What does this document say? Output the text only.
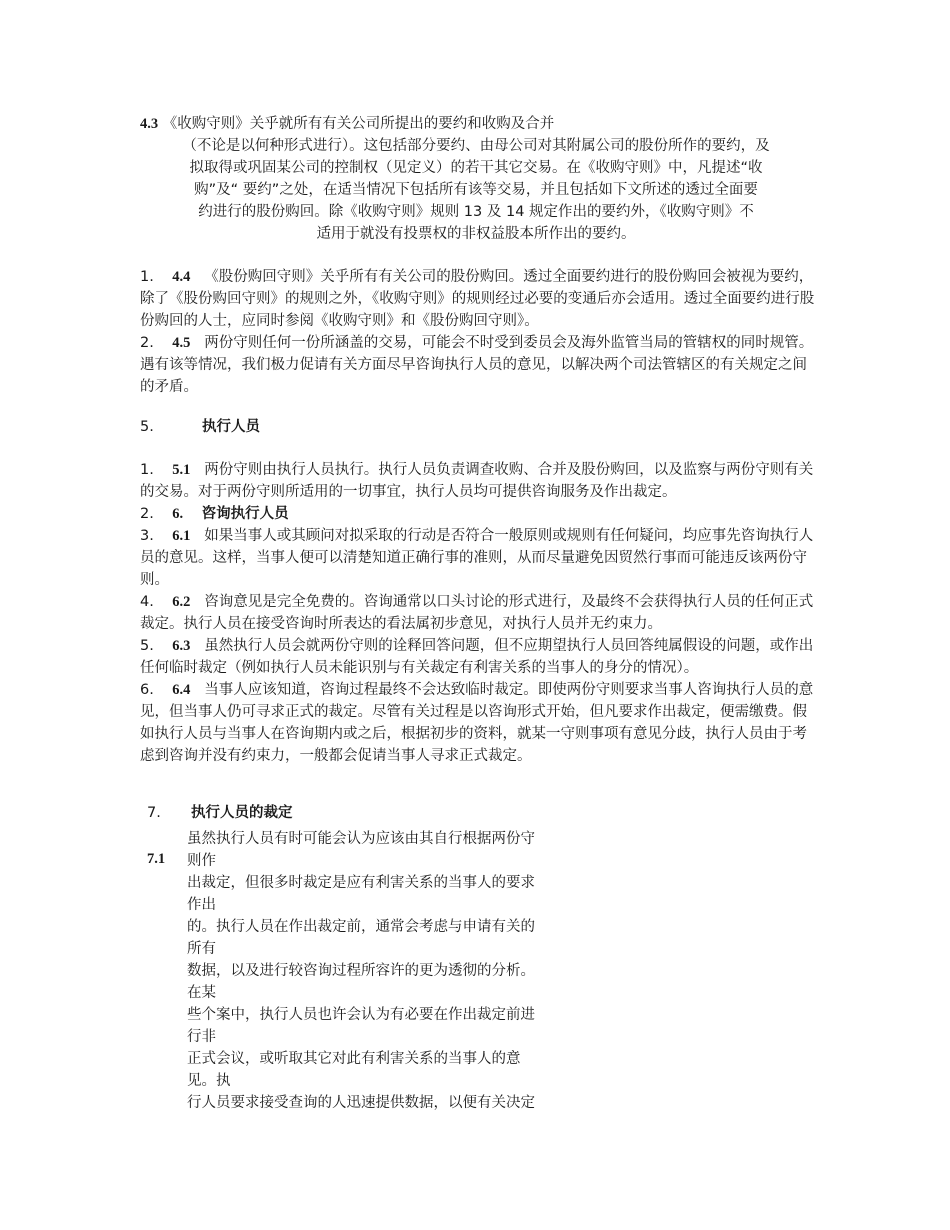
4.3 《收购守则》关乎就所有有关公司所提出的要约和收购及合并
（不论是以何种形式进行）。这包括部分要约、由母公司对其附属公司的股份所作的要约，及
拟取得或巩固某公司的控制权（见定义）的若干其它交易。在《收购守则》中，凡提述“收
购”及“ 要约”之处，在适当情况下包括所有该等交易，并且包括如下文所述的透过全面要
约进行的股份购回。除《收购守则》规则 13 及 14 规定作出的要约外，《收购守则》不
适用于就没有投票权的非权益股本所作出的要约。

1. 4.4 《股份购回守则》关乎所有有关公司的股份购回。透过全面要约进行的股份购回会被视为要约，除了《股份购回守则》的规则之外，《收购守则》的规则经过必要的变通后亦会适用。透过全面要约进行股份购回的人士，应同时参阅《收购守则》和《股份购回守则》。

2. 4.5 两份守则任何一份所涵盖的交易，可能会不时受到委员会及海外监管当局的管辖权的同时规管。遇有该等情况，我们极力促请有关方面尽早咨询执行人员的意见，以解决两个司法管辖区的有关规定之间的矛盾。

5.	执行人员

1. 5.1 两份守则由执行人员执行。执行人员负责调查收购、合并及股份购回，以及监察与两份守则有关的交易。对于两份守则所适用的一切事宜，执行人员均可提供咨询服务及作出裁定。

2. 6. 咨询执行人员

3. 6.1 如果当事人或其顾问对拟采取的行动是否符合一般原则或规则有任何疑问，均应事先咨询执行人员的意见。这样，当事人便可以清楚知道正确行事的准则，从而尽量避免因贸然行事而可能违反该两份守则。

4. 6.2 咨询意见是完全免费的。咨询通常以口头讨论的形式进行，及最终不会获得执行人员的任何正式裁定。执行人员在接受咨询时所表达的看法属初步意见，对执行人员并无约束力。

5. 6.3 虽然执行人员会就两份守则的诠释回答问题，但不应期望执行人员回答纯属假设的问题，或作出任何临时裁定（例如执行人员未能识别与有关裁定有利害关系的当事人的身分的情况）。

6. 6.4 当事人应该知道，咨询过程最终不会达致临时裁定。即使两份守则要求当事人咨询执行人员的意见，但当事人仍可寻求正式的裁定。尽管有关过程是以咨询形式开始，但凡要求作出裁定，便需缴费。假如执行人员与当事人在咨询期内或之后，根据初步的资料，就某一守则事项有意见分歧，执行人员由于考虑到咨询并没有约束力，一般都会促请当事人寻求正式裁定。

7. 执行人员的裁定
7.1

虽然执行人员有时可能会认为应该由其自行根据两份守

则作

出裁定，但很多时裁定是应有利害关系的当事人的要求

作出

的。执行人员在作出裁定前，通常会考虑与申请有关的

所有

数据，以及进行较咨询过程所容许的更为透彻的分析。

在某

些个案中，执行人员也许会认为有必要在作出裁定前进

行非

正式会议，或听取其它对此有利害关系的当事人的意

见。执

行人员要求接受查询的人迅速提供数据，以便有关决定
